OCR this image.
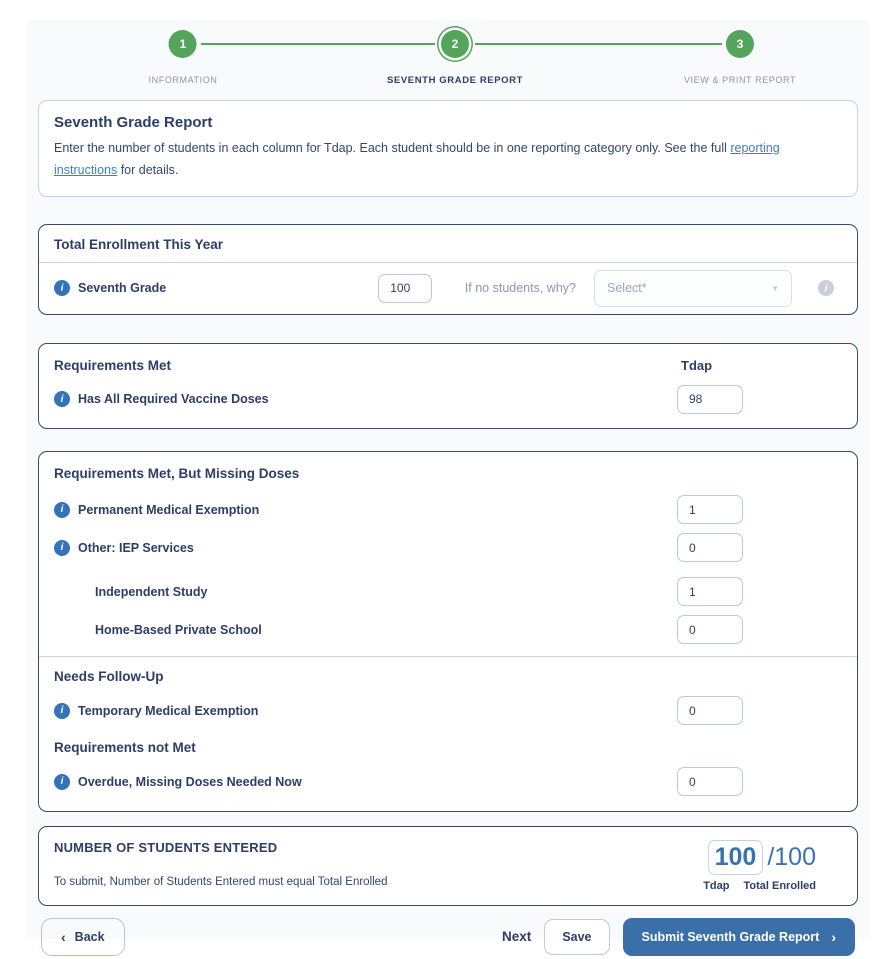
1
INFORMATION
2
SEVENTH GRADE REPORT
3
VIEW & PRINT REPORT
Seventh Grade Report
Enter the number of students in each column for Tdap. Each student should be in one reporting category only. See the full reporting instructions for details.
Total Enrollment This Year
i
Seventh Grade
100	If no students, why? Select*
▼
i
Requirements Met	Tdap
i
Has All Required Vaccine Doses
98
Requirements Met, But Missing Doses
i
Permanent Medical Exemption
1
i
Other: IEP Services
0
Independent Study
1
Home-Based Private School
0
Needs Follow-Up
i
Temporary Medical Exemption
0
Requirements not Met
i
Overdue, Missing Doses Needed Now
0
NUMBER OF STUDENTS ENTERED
To submit, Number of Students Entered must equal Total Enrolled
100 /100
Tdap Total Enrolled
‹
Back	Next	Save	Submit Seventh Grade Report
›
